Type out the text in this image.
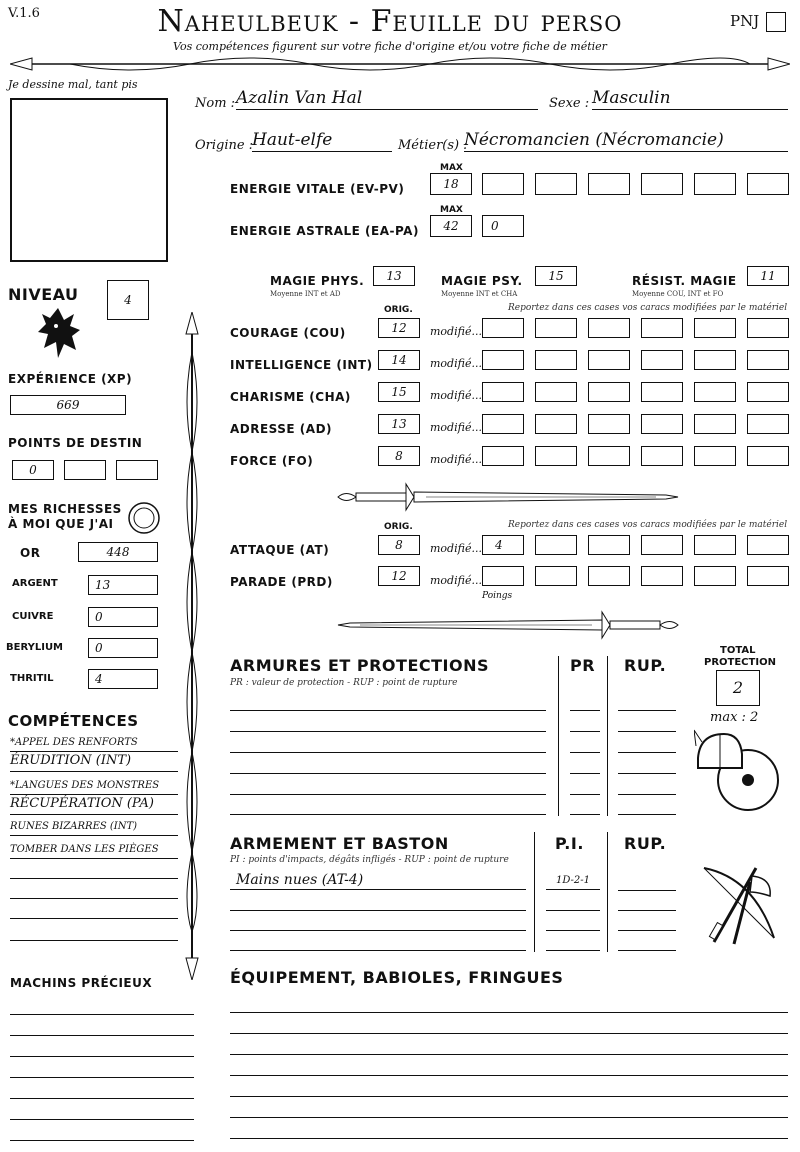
V.1.6	Naheulbeuk - Feuille du perso
Vos compétences figurent sur votre fiche d'origine et/ou votre fiche de métier
PNJ
Je dessine mal, tant pis
Nom : Azalin Van Hal	Sexe : Masculin
Origine :
Haut-elfe	Métier(s) :
Nécromancien (Nécromancie)
MAX
ENERGIE VITALE (EV-PV)	18
MAX
ENERGIE ASTRALE (EA-PA)	42	0
MAGIE PHYS.	13
Moyenne INT et AD
MAGIE PSY.	15
Moyenne INT et CHA
RÉSIST. MAGIE	11
Moyenne COU, INT et FO
NIVEAU	4
EXPÉRIENCE (XP)
669
POINTS DE DESTIN
0
MES RICHESSES
À MOI QUE J'AI
OR	448
ARGENT	13
CUIVRE	0
BERYLIUM	0
THRITIL	4
ORIG.	Reportez dans ces cases vos caracs modifiées par le matériel
COURAGE (COU)	12	modifié...
INTELLIGENCE (INT)	14	modifié...
CHARISME (CHA)	15	modifié...
ADRESSE (AD)	13	modifié...
FORCE (FO)	8	modifié...
ORIG.	Reportez dans ces cases vos caracs modifiées par le matériel
ATTAQUE (AT)	8	modifié...	4
PARADE (PRD)	12	modifié...
Poings
COMPÉTENCES
*APPEL DES RENFORTS
ÉRUDITION (INT)
*LANGUES DES MONSTRES
RÉCUPÉRATION (PA)
RUNES BIZARRES (INT)
TOMBER DANS LES PIÈGES
ARMURES ET PROTECTIONS
PR : valeur de protection - RUP : point de rupture
PR RUP.
TOTAL
PROTECTION
2
max : 2
ARMEMENT ET BASTON
PI : points d'impacts, dégâts infligés - RUP : point de rupture
P.I.	RUP.
Mains nues (AT-4)	1D-2-1
MACHINS PRÉCIEUX	ÉQUIPEMENT, BABIOLES, FRINGUES
